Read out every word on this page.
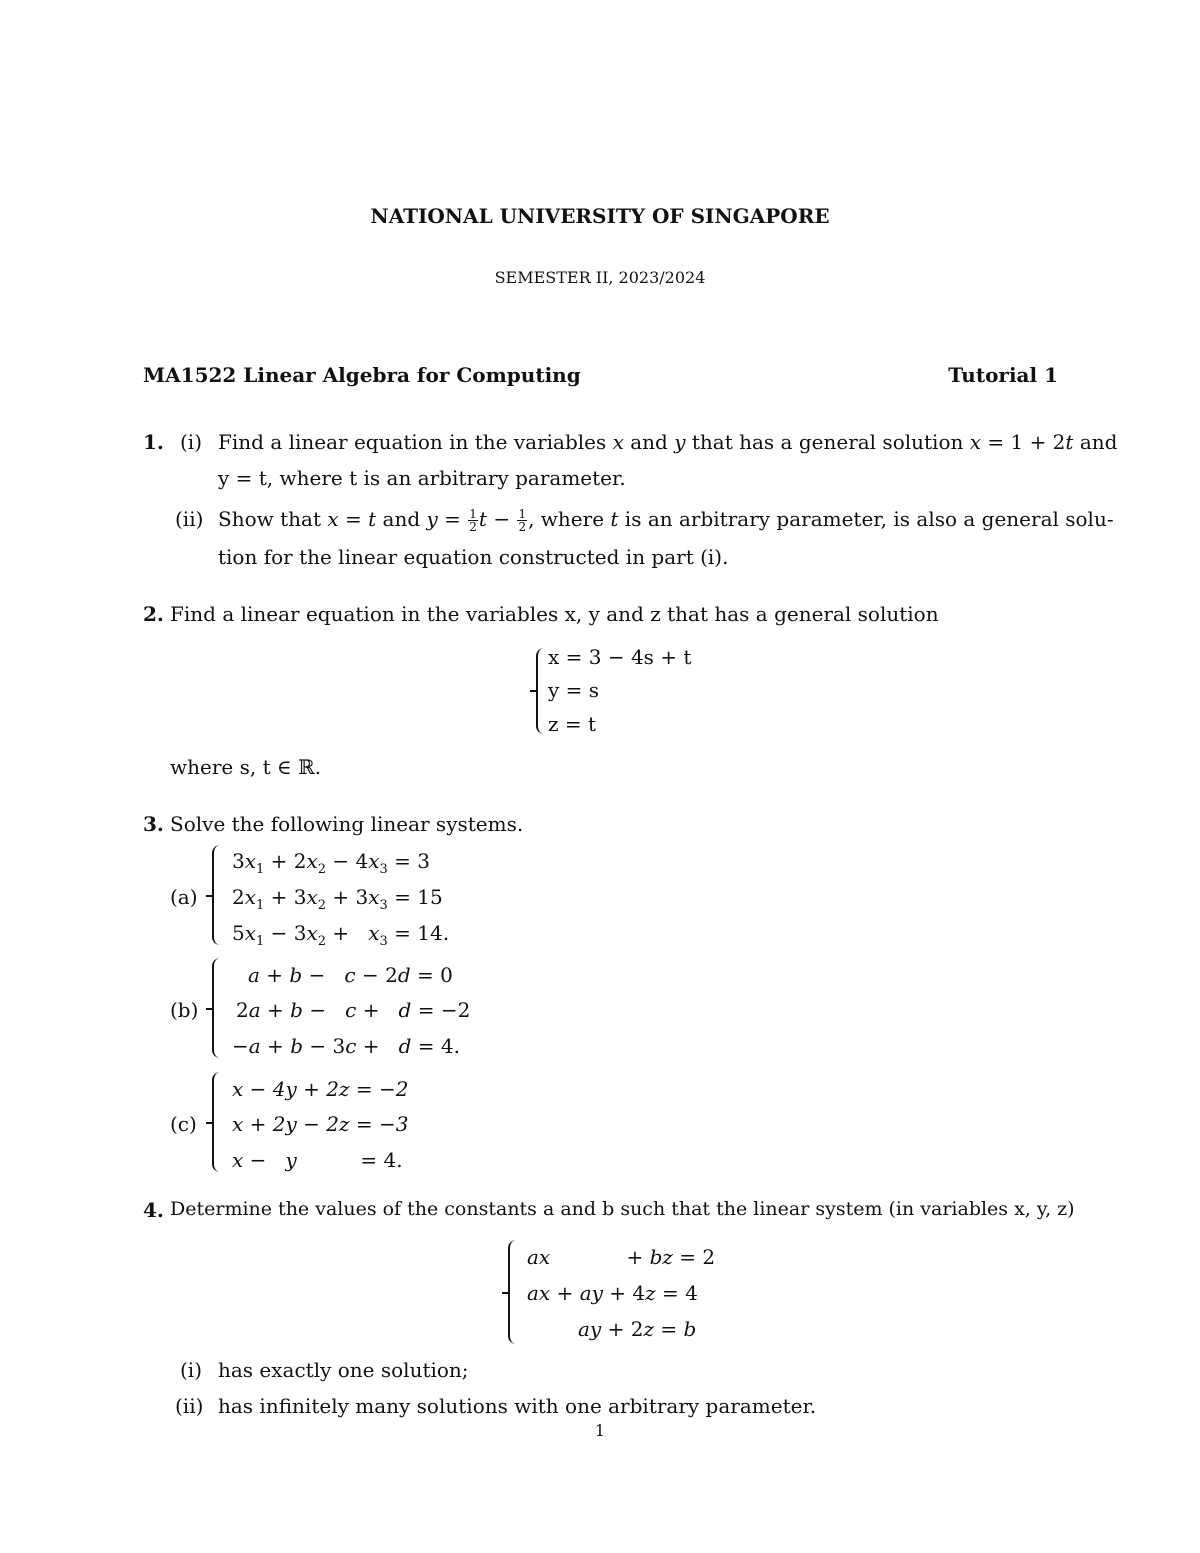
NATIONAL UNIVERSITY OF SINGAPORE
SEMESTER II, 2023/2024
MA1522 Linear Algebra for Computing	Tutorial 1
1. (i) Find a linear equation in the variables x and y that has a general solution x = 1 + 2t and
y = t, where t is an arbitrary parameter.
(ii) Show that x = t and $y = \frac{1}{2}$ $t - \frac{1}{2}$ , where t is an arbitrary parameter, is also a general solu-
tion for the linear equation constructed in part (i).
2. Find a linear equation in the variables x, y and z that has a general solution
x = 3 − 4s + t
y = s
z = t
where s, t ∈ ℝ.
3. Solve the following linear systems.
(a)
$3x_1 + 2x_2 - 4x_3 = 3$
$2x_1 + 3x_2 + 3x_3 = 15$
$5x_1 - 3x_2 + x_3 = 14$.
(b)
a + b −   c − 2d = 0
2a + b −   c +   d = −2
−a + b − 3c +   d = 4.
(c)
x − 4y + 2z = −2
x + 2y − 2z = −3
x −   y          = 4.
4. Determine the values of the constants a and b such that the linear system (in variables x, y, z)
ax            + bz = 2
ax + ay + 4z = 4
ay + 2z = b
(i) has exactly one solution;
(ii) has infinitely many solutions with one arbitrary parameter.
1
